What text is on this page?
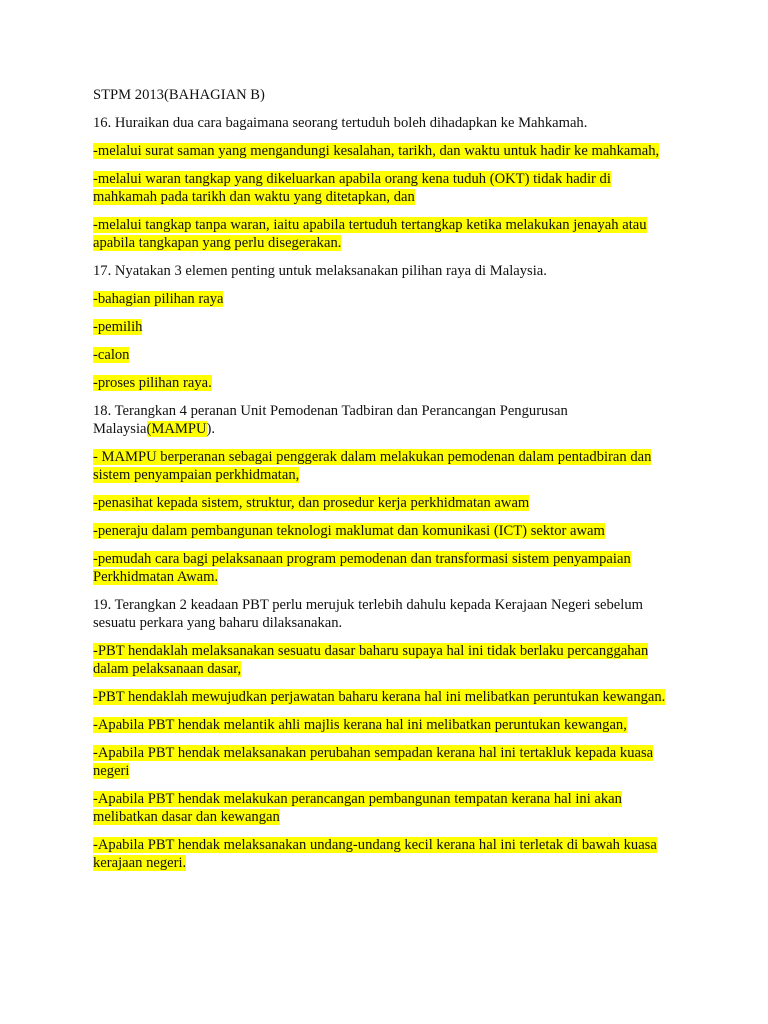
STPM 2013(BAHAGIAN B)

16. Huraikan dua cara bagaimana seorang tertuduh boleh dihadapkan ke Mahkamah.

-melalui surat saman yang mengandungi kesalahan, tarikh, dan waktu untuk hadir ke mahkamah,

-melalui waran tangkap yang dikeluarkan apabila orang kena tuduh (OKT) tidak hadir di mahkamah pada tarikh dan waktu yang ditetapkan, dan

-melalui tangkap tanpa waran, iaitu apabila tertuduh tertangkap ketika melakukan jenayah atau apabila tangkapan yang perlu disegerakan.

17. Nyatakan 3 elemen penting untuk melaksanakan pilihan raya di Malaysia.

-bahagian pilihan raya

-pemilih

-calon

-proses pilihan raya.

18. Terangkan 4 peranan Unit Pemodenan Tadbiran dan Perancangan Pengurusan Malaysia(MAMPU).

- MAMPU berperanan sebagai penggerak dalam melakukan pemodenan dalam pentadbiran dan sistem penyampaian perkhidmatan,

-penasihat kepada sistem, struktur, dan prosedur kerja perkhidmatan awam

-peneraju dalam pembangunan teknologi maklumat dan komunikasi (ICT) sektor awam

-pemudah cara bagi pelaksanaan program pemodenan dan transformasi sistem penyampaian Perkhidmatan Awam.

19. Terangkan 2 keadaan PBT perlu merujuk terlebih dahulu kepada Kerajaan Negeri sebelum sesuatu perkara yang baharu dilaksanakan.

-PBT hendaklah melaksanakan sesuatu dasar baharu supaya hal ini tidak berlaku percanggahan dalam pelaksanaan dasar,

-PBT hendaklah mewujudkan perjawatan baharu kerana hal ini melibatkan peruntukan kewangan.

-Apabila PBT hendak melantik ahli majlis kerana hal ini melibatkan peruntukan kewangan,

-Apabila PBT hendak melaksanakan perubahan sempadan kerana hal ini tertakluk kepada kuasa negeri

-Apabila PBT hendak melakukan perancangan pembangunan tempatan kerana hal ini akan melibatkan dasar dan kewangan

-Apabila PBT hendak melaksanakan undang-undang kecil kerana hal ini terletak di bawah kuasa kerajaan negeri.
